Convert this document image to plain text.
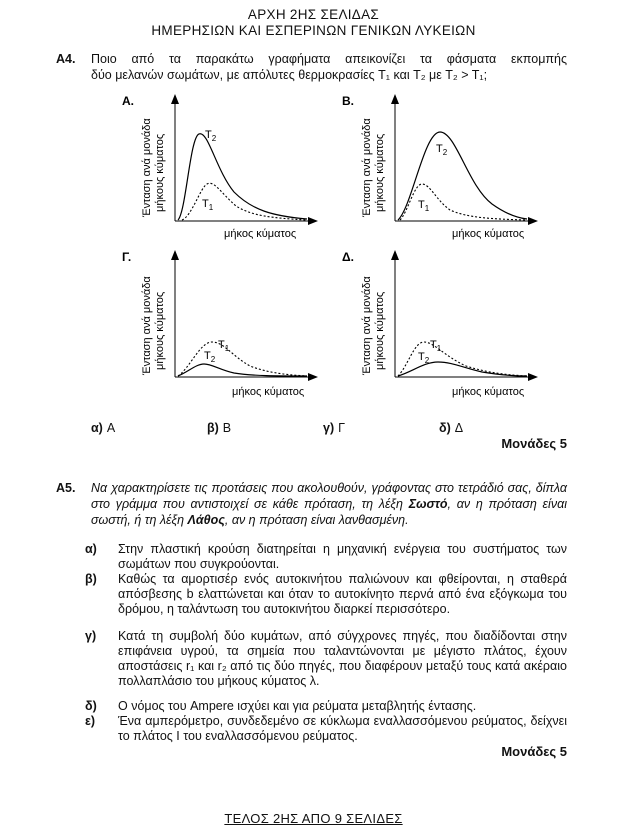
ΑΡΧΗ 2ΗΣ ΣΕΛΙΔΑΣ
ΗΜΕΡΗΣΙΩΝ ΚΑΙ ΕΣΠΕΡΙΝΩΝ ΓΕΝΙΚΩΝ ΛΥΚΕΙΩΝ
Α4. Ποιο από τα παρακάτω γραφήματα απεικονίζει τα φάσματα εκπομπής
δύο μελανών σωμάτων, με απόλυτες θερμοκρασίες T₁ και T₂ με T₂ > T₁;
Α.
Ένταση ανά μονάδα μήκους κύματος	$T_2$
$T_1$
μήκος κύματος
Β.
Ένταση ανά μονάδα μήκους κύματος	$T_2$
$T_1$
μήκος κύματος
Γ.
Ένταση ανά μονάδα μήκους κύματος	$T_1$
$T_2$
μήκος κύματος
Δ.
Ένταση ανά μονάδα μήκους κύματος	$T_1$
$T_2$
μήκος κύματος
α) Α	β) Β	γ) Γ	δ) Δ
Μονάδες 5
Α5. Να χαρακτηρίσετε τις προτάσεις που ακολουθούν, γράφοντας στο τετράδιό σας, δίπλα στο γράμμα που αντιστοιχεί σε κάθε πρόταση, τη λέξη Σωστό, αν η πρόταση είναι σωστή, ή τη λέξη Λάθος, αν η πρόταση είναι λανθασμένη.
α) Στην πλαστική κρούση διατηρείται η μηχανική ενέργεια του συστήματος των σωμάτων που συγκρούονται.
β) Καθώς τα αμορτισέρ ενός αυτοκινήτου παλιώνουν και φθείρονται, η σταθερά απόσβεσης b ελαττώνεται και όταν το αυτοκίνητο περνά από ένα εξόγκωμα του δρόμου, η ταλάντωση του αυτοκινήτου διαρκεί περισσότερο.
γ) Κατά τη συμβολή δύο κυμάτων, από σύγχρονες πηγές, που διαδίδονται στην επιφάνεια υγρού, τα σημεία που ταλαντώνονται με μέγιστο πλάτος, έχουν αποστάσεις r₁ και r₂ από τις δύο πηγές, που διαφέρουν μεταξύ τους κατά ακέραιο πολλαπλάσιο του μήκους κύματος λ.
δ) Ο νόμος του Ampere ισχύει και για ρεύματα μεταβλητής έντασης.
ε) Ένα αμπερόμετρο, συνδεδεμένο σε κύκλωμα εναλλασσόμενου ρεύματος, δείχνει το πλάτος I του εναλλασσόμενου ρεύματος.
Μονάδες 5
ΤΕΛΟΣ 2ΗΣ ΑΠΟ 9 ΣΕΛΙΔΕΣ
